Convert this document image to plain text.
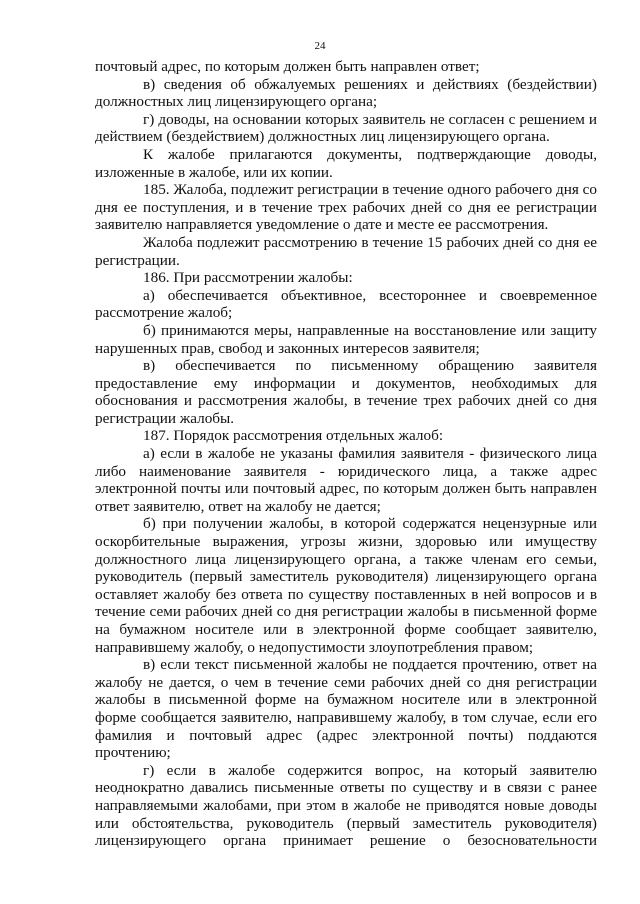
24

почтовый адрес, по которым должен быть направлен ответ;

в) сведения об обжалуемых решениях и действиях (бездействии) должностных лиц лицензирующего органа;

г) доводы, на основании которых заявитель не согласен с решением и действием (бездействием) должностных лиц лицензирующего органа.

К жалобе прилагаются документы, подтверждающие доводы, изложенные в жалобе, или их копии.

185. Жалоба, подлежит регистрации в течение одного рабочего дня со дня ее поступления, и в течение трех рабочих дней со дня ее регистрации заявителю направляется уведомление о дате и месте ее рассмотрения.

Жалоба подлежит рассмотрению в течение 15 рабочих дней со дня ее регистрации.

186. При рассмотрении жалобы:

а) обеспечивается объективное, всестороннее и своевременное рассмотрение жалоб;

б) принимаются меры, направленные на восстановление или защиту нарушенных прав, свобод и законных интересов заявителя;

в) обеспечивается по письменному обращению заявителя предоставление ему информации и документов, необходимых для обоснования и рассмотрения жалобы, в течение трех рабочих дней со дня регистрации жалобы.

187. Порядок рассмотрения отдельных жалоб:

а) если в жалобе не указаны фамилия заявителя - физического лица либо наименование заявителя - юридического лица, а также адрес электронной почты или почтовый адрес, по которым должен быть направлен ответ заявителю, ответ на жалобу не дается;

б) при получении жалобы, в которой содержатся нецензурные или оскорбительные выражения, угрозы жизни, здоровью или имуществу должностного лица лицензирующего органа, а также членам его семьи, руководитель (первый заместитель руководителя) лицензирующего органа оставляет жалобу без ответа по существу поставленных в ней вопросов и в течение семи рабочих дней со дня регистрации жалобы в письменной форме на бумажном носителе или в электронной форме сообщает заявителю, направившему жалобу, о недопустимости злоупотребления правом;

в) если текст письменной жалобы не поддается прочтению, ответ на жалобу не дается, о чем в течение семи рабочих дней со дня регистрации жалобы в письменной форме на бумажном носителе или в электронной форме сообщается заявителю, направившему жалобу, в том случае, если его фамилия и почтовый адрес (адрес электронной почты) поддаются прочтению;

г) если в жалобе содержится вопрос, на который заявителю неоднократно давались письменные ответы по существу и в связи с ранее направляемыми жалобами, при этом в жалобе не приводятся новые доводы или обстоятельства, руководитель (первый заместитель руководителя) лицензирующего органа принимает решение о безосновательности
